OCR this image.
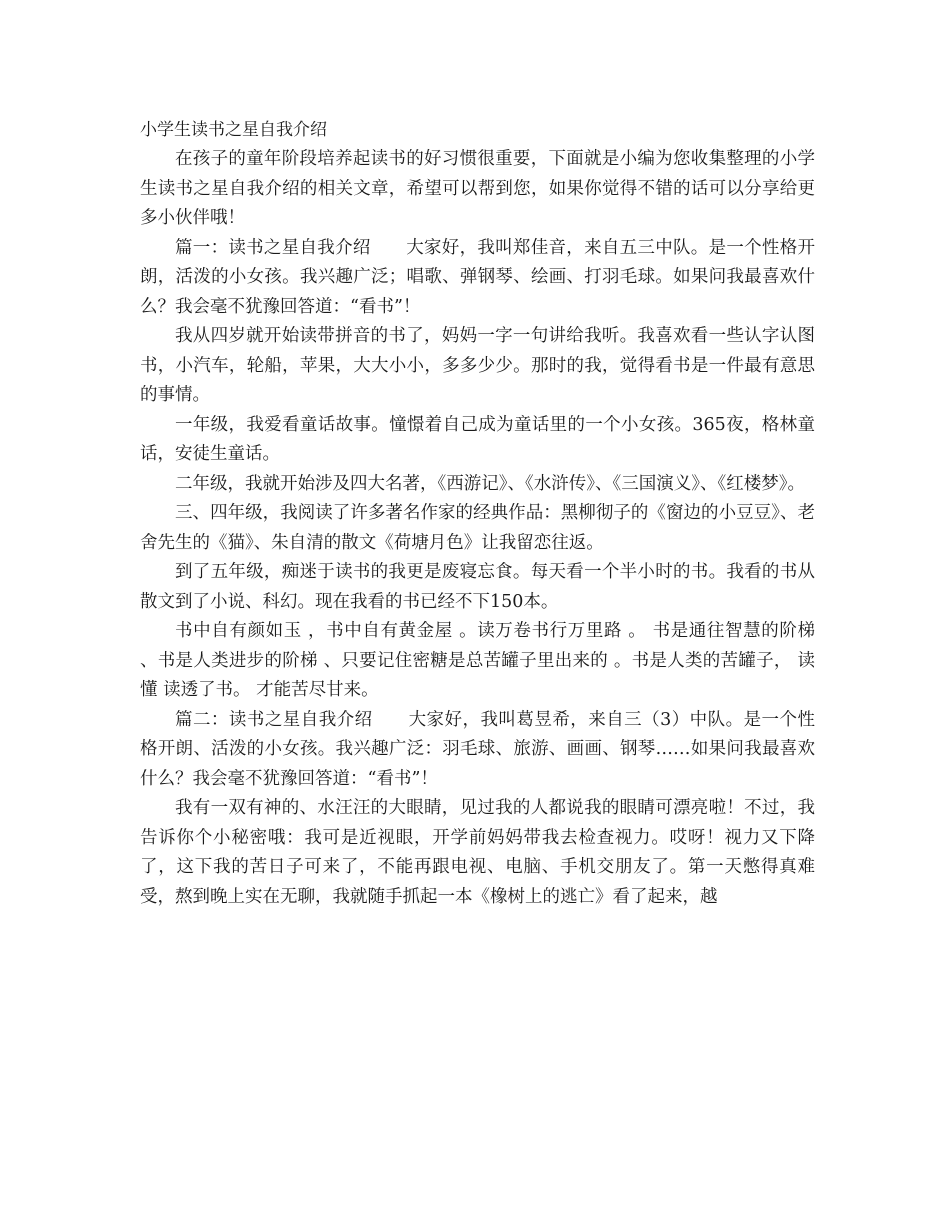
小学生读书之星自我介绍

在孩子的童年阶段培养起读书的好习惯很重要，下面就是小编为您收集整理的小学生读书之星自我介绍的相关文章，希望可以帮到您，如果你觉得不错的话可以分享给更多小伙伴哦！

篇一：读书之星自我介绍　　大家好，我叫郑佳音，来自五三中队。是一个性格开朗，活泼的小女孩。我兴趣广泛；唱歌、弹钢琴、绘画、打羽毛球。如果问我最喜欢什么？我会毫不犹豫回答道：“看书”！

我从四岁就开始读带拼音的书了，妈妈一字一句讲给我听。我喜欢看一些认字认图书，小汽车，轮船，苹果，大大小小，多多少少。那时的我，觉得看书是一件最有意思的事情。

一年级，我爱看童话故事。憧憬着自己成为童话里的一个小女孩。365夜，格林童话，安徒生童话。

二年级，我就开始涉及四大名著，《西游记》、《水浒传》、《三国演义》、《红楼梦》。

三、四年级，我阅读了许多著名作家的经典作品：黑柳彻子的《窗边的小豆豆》、老舍先生的《猫》、朱自清的散文《荷塘月色》让我留恋往返。

到了五年级，痴迷于读书的我更是废寝忘食。每天看一个半小时的书。我看的书从散文到了小说、科幻。现在我看的书已经不下150本。

书中自有颜如玉 ，书中自有黄金屋 。读万卷书行万里路 。 书是通往智慧的阶梯 、书是人类进步的阶梯 、只要记住密糖是总苦罐子里出来的 。书是人类的苦罐子， 读懂 读透了书。 才能苦尽甘来。

篇二：读书之星自我介绍　　大家好，我叫葛昱希，来自三（3）中队。是一个性格开朗、活泼的小女孩。我兴趣广泛：羽毛球、旅游、画画、钢琴……如果问我最喜欢什么？我会毫不犹豫回答道：“看书”！

我有一双有神的、水汪汪的大眼睛，见过我的人都说我的眼睛可漂亮啦！不过，我告诉你个小秘密哦：我可是近视眼，开学前妈妈带我去检查视力。哎呀！视力又下降了，这下我的苦日子可来了，不能再跟电视、电脑、手机交朋友了。第一天憋得真难受，熬到晚上实在无聊，我就随手抓起一本《橡树上的逃亡》看了起来，越
